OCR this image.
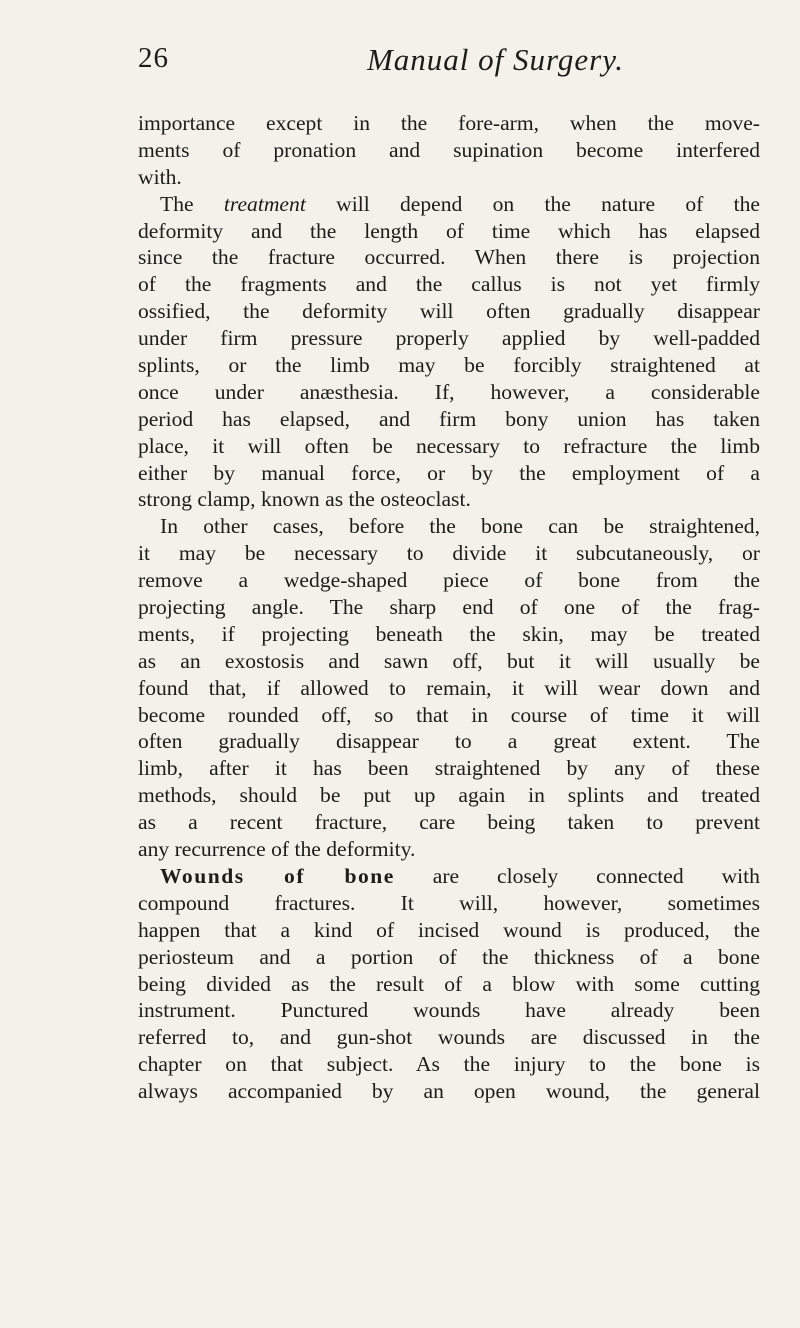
26	Manual of Surgery.
importance except in the fore-arm, when the move-
ments of pronation and supination become interfered
with.
The treatment will depend on the nature of the
deformity and the length of time which has elapsed
since the fracture occurred. When there is projection
of the fragments and the callus is not yet firmly
ossified, the deformity will often gradually disappear
under firm pressure properly applied by well-padded
splints, or the limb may be forcibly straightened at
once under anæsthesia. If, however, a considerable
period has elapsed, and firm bony union has taken
place, it will often be necessary to refracture the limb
either by manual force, or by the employment of a
strong clamp, known as the osteoclast.
In other cases, before the bone can be straightened,
it may be necessary to divide it subcutaneously, or
remove a wedge-shaped piece of bone from the
projecting angle. The sharp end of one of the frag-
ments, if projecting beneath the skin, may be treated
as an exostosis and sawn off, but it will usually be
found that, if allowed to remain, it will wear down and
become rounded off, so that in course of time it will
often gradually disappear to a great extent. The
limb, after it has been straightened by any of these
methods, should be put up again in splints and treated
as a recent fracture, care being taken to prevent
any recurrence of the deformity.
Wounds of bone are closely connected with
compound fractures. It will, however, sometimes
happen that a kind of incised wound is produced, the
periosteum and a portion of the thickness of a bone
being divided as the result of a blow with some cutting
instrument. Punctured wounds have already been
referred to, and gun-shot wounds are discussed in the
chapter on that subject. As the injury to the bone is
always accompanied by an open wound, the general
